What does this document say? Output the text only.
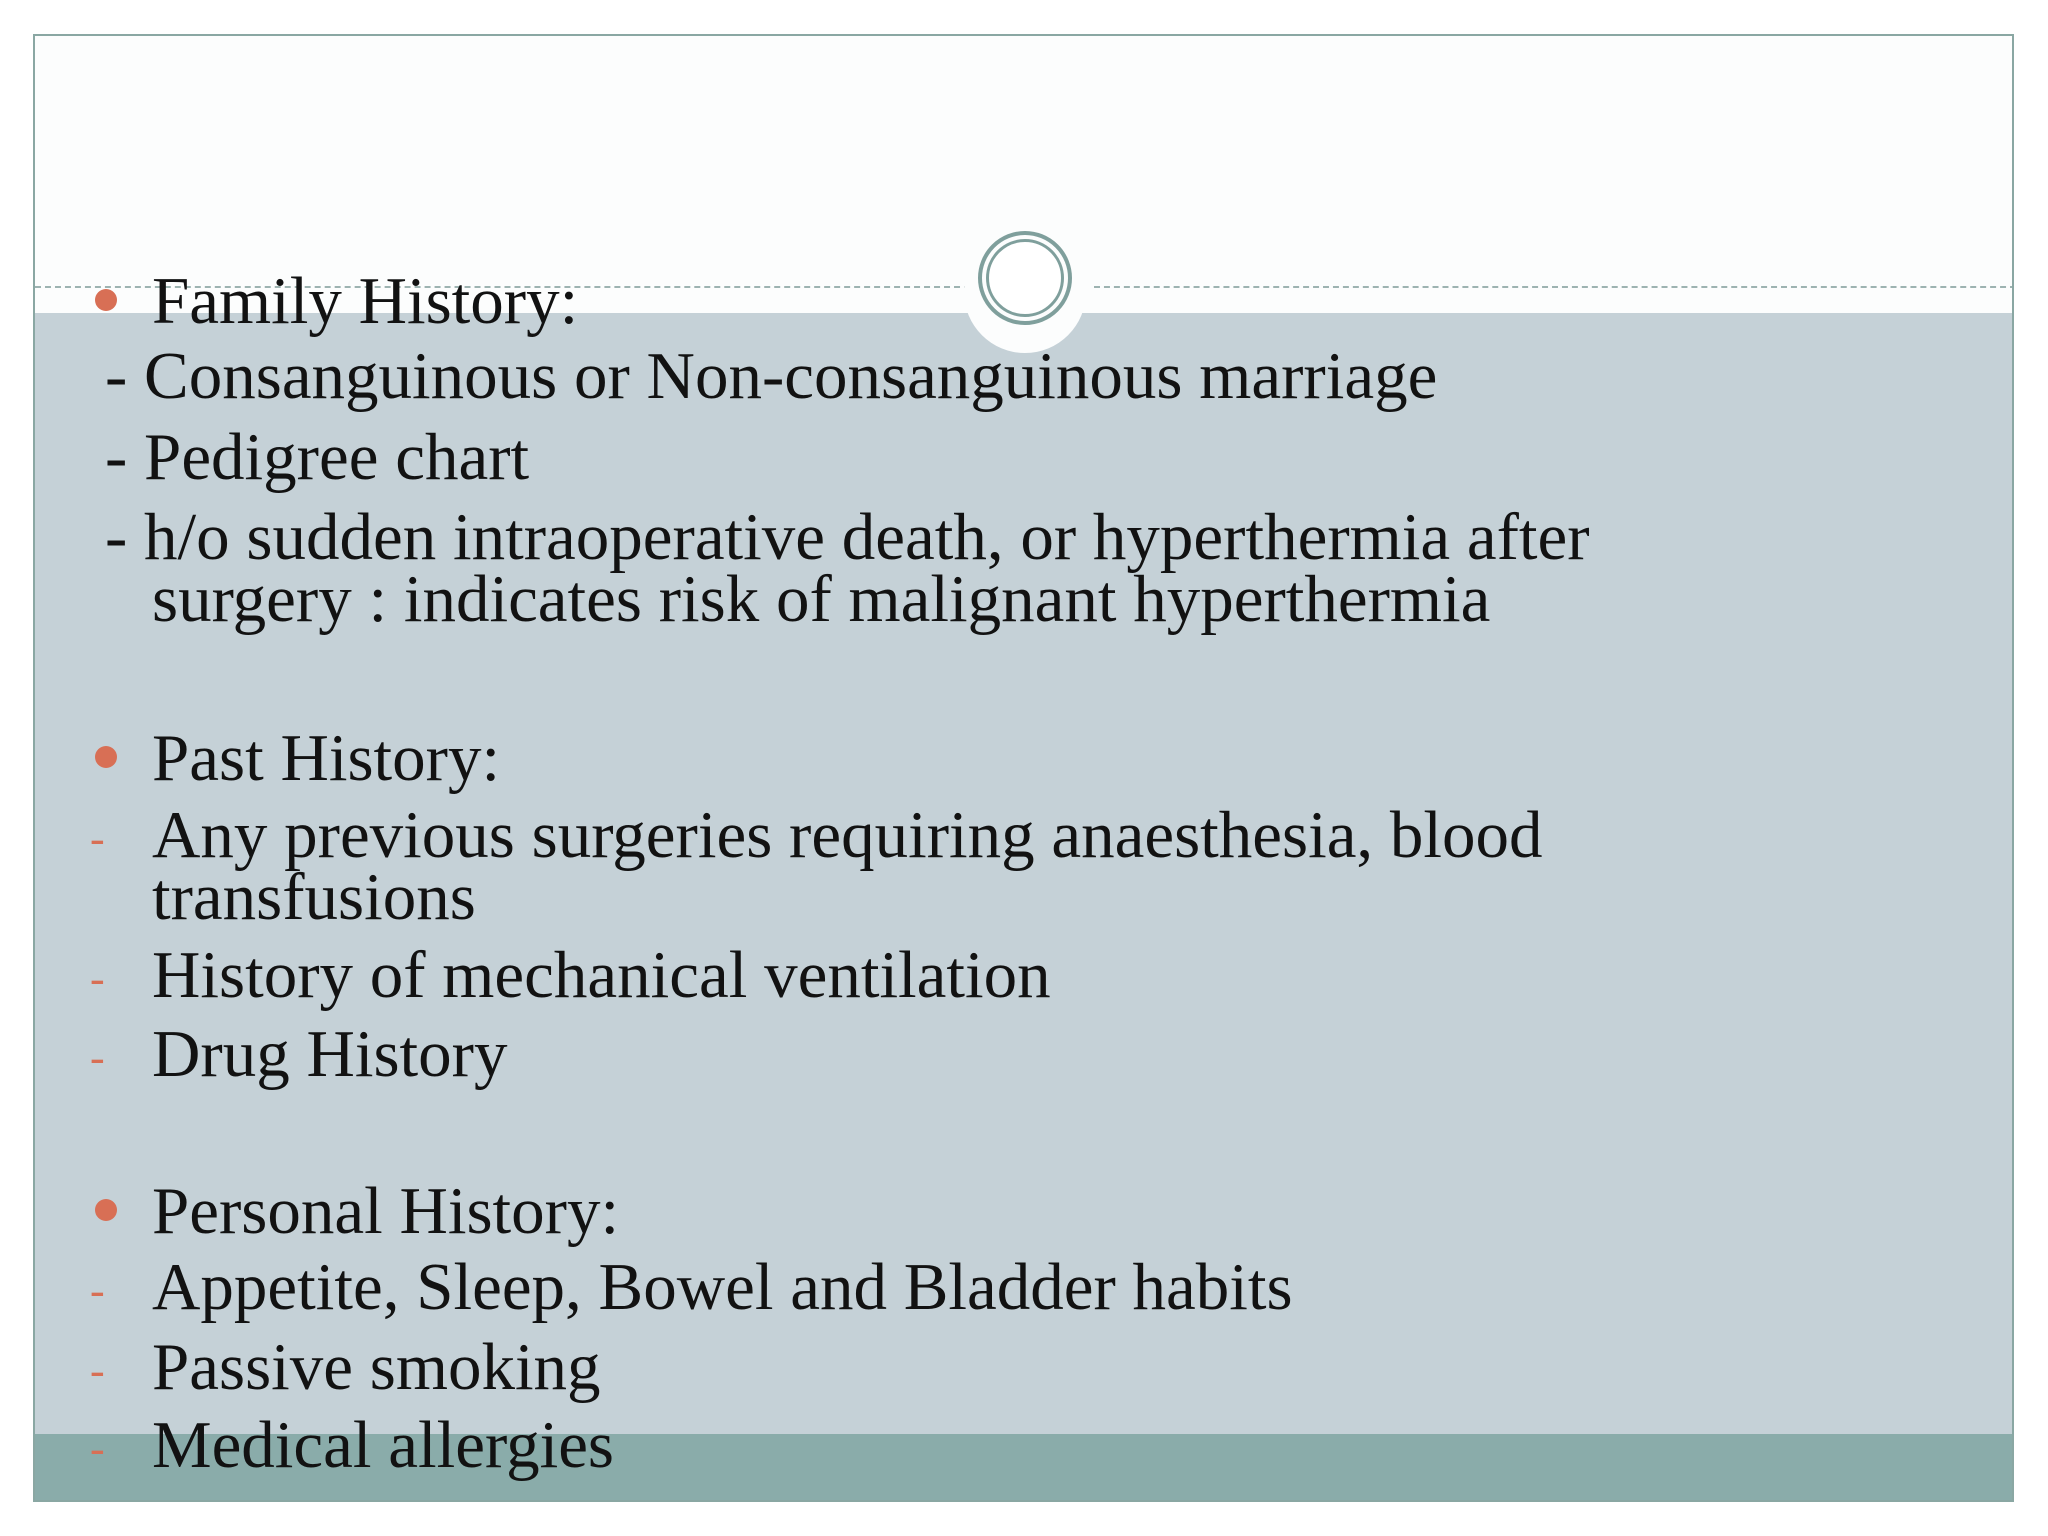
Family History:
- Consanguinous or Non-consanguinous marriage
- Pedigree chart
- h/o sudden intraoperative death, or hyperthermia after
surgery : indicates risk of malignant hyperthermia
Past History:
- Any previous surgeries requiring anaesthesia, blood
transfusions
- History of mechanical ventilation
- Drug History
Personal History:
- Appetite, Sleep, Bowel and Bladder habits
- Passive smoking
- Medical allergies
